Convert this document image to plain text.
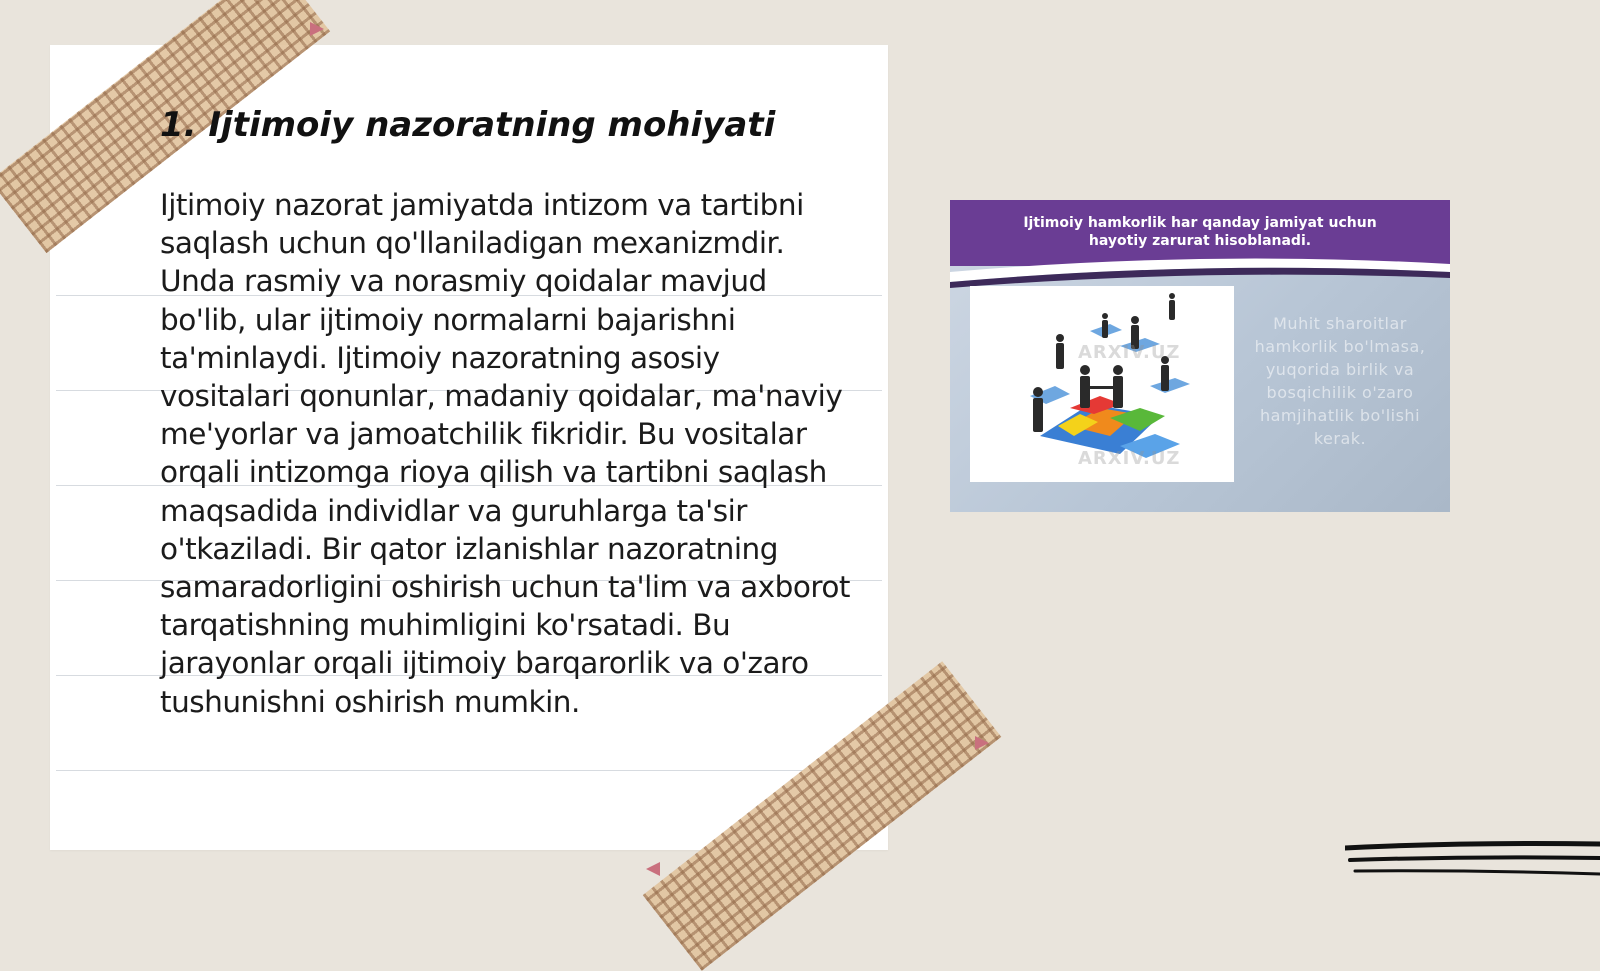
1. Ijtimoiy nazoratning mohiyati

Ijtimoiy nazorat jamiyatda intizom va tartibni saqlash uchun qo'llaniladigan mexanizmdir. Unda rasmiy va norasmiy qoidalar mavjud bo'lib, ular ijtimoiy normalarni bajarishni ta'minlaydi. Ijtimoiy nazoratning asosiy vositalari qonunlar, madaniy qoidalar, ma'naviy me'yorlar va jamoatchilik fikridir. Bu vositalar orqali intizomga rioya qilish va tartibni saqlash maqsadida individlar va guruhlarga ta'sir o'tkaziladi. Bir qator izlanishlar nazoratning samaradorligini oshirish uchun ta'lim va axborot tarqatishning muhimligini ko'rsatadi. Bu jarayonlar orqali ijtimoiy barqarorlik va o'zaro tushunishni oshirish mumkin.

Ijtimoiy hamkorlik har qanday jamiyat uchun
hayotiy zarurat hisoblanadi.
ARXIV.UZ
ARXIV.UZ
Muhit sharoitlar hamkorlik bo'lmasa, yuqorida birlik va bosqichilik o'zaro hamjihatlik bo'lishi kerak.
